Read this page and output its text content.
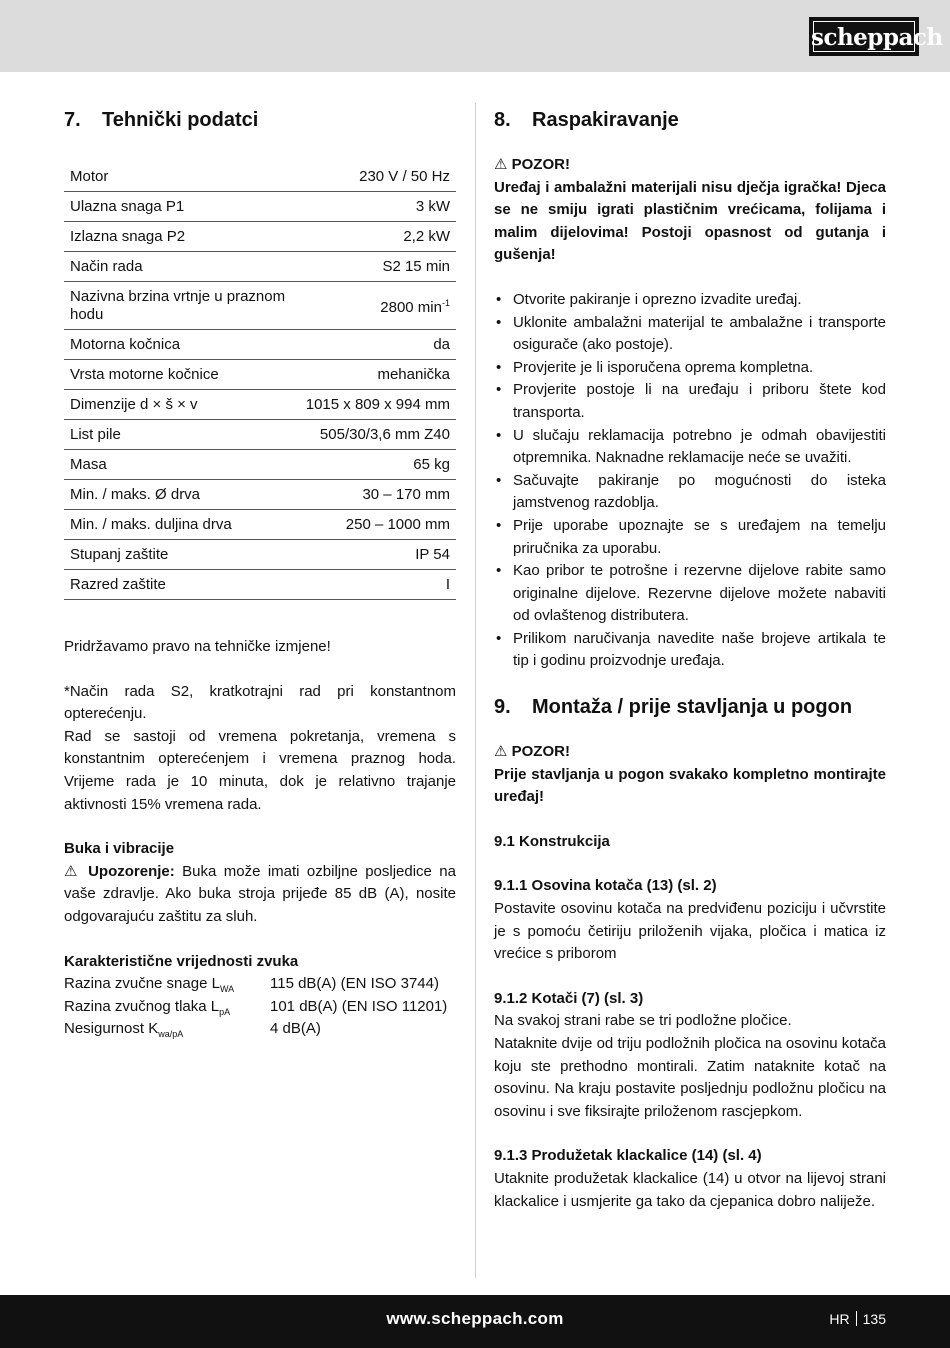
scheppach
7. Tehnički podatci
Motor	230 V / 50 Hz
Ulazna snaga P1	3 kW
Izlazna snaga P2	2,2 kW
Način rada	S2 15 min
Nazivna brzina vrtnje u praznom hodu	2800 $\min^{-1}$
Motorna kočnica	da
Vrsta motorne kočnice	mehanička
Dimenzije d × š × v	1015 x 809 x 994 mm
List pile	505/30/3,6 mm Z40
Masa	65 kg
Min. / maks. Ø drva	30 – 170 mm
Min. / maks. duljina drva	250 – 1000 mm
Stupanj zaštite	IP 54
Razred zaštite	I

Pridržavamo pravo na tehničke izmjene!

*Način rada S2, kratkotrajni rad pri konstantnom opterećenju.

Rad se sastoji od vremena pokretanja, vremena s konstantnim opterećenjem i vremena praznog hoda. Vrijeme rada je 10 minuta, dok je relativno trajanje aktivnosti 15% vremena rada.

Buka i vibracije

⚠ Upozorenje: Buka može imati ozbiljne posljedice na vaše zdravlje. Ako buka stroja prijeđe 85 dB (A), nosite odgovarajuću zaštitu za sluh.

Karakteristične vrijednosti zvuka

Razina zvučne snage $L_{WA}$	115 dB(A) (EN ISO 3744)
Razina zvučnog tlaka $L_{pA}$	101 dB(A) (EN ISO 11201)
Nesigurnost $K_{wa/pA}$	4 dB(A)
8. Raspakiravanje

⚠ POZOR!

Uređaj i ambalažni materijali nisu dječja igračka! Djeca se ne smiju igrati plastičnim vrećicama, folijama i malim dijelovima! Postoji opasnost od gutanja i gušenja!

• Otvorite pakiranje i oprezno izvadite uređaj.
• Uklonite ambalažni materijal te ambalažne i transporte osigurače (ako postoje).
• Provjerite je li isporučena oprema kompletna.
• Provjerite postoje li na uređaju i priboru štete kod transporta.
• U slučaju reklamacija potrebno je odmah obavijestiti otpremnika. Naknadne reklamacije neće se uvažiti.
• Sačuvajte pakiranje po mogućnosti do isteka jamstvenog razdoblja.
• Prije uporabe upoznajte se s uređajem na temelju priručnika za uporabu.
• Kao pribor te potrošne i rezervne dijelove rabite samo originalne dijelove. Rezervne dijelove možete nabaviti od ovlaštenog distributera.
• Prilikom naručivanja navedite naše brojeve artikala te tip i godinu proizvodnje uređaja.
9. Montaža / prije stavljanja u pogon

⚠ POZOR!

Prije stavljanja u pogon svakako kompletno montirajte uređaj!

9.1 Konstrukcija

9.1.1 Osovina kotača (13) (sl. 2)

Postavite osovinu kotača na predviđenu poziciju i učvrstite je s pomoću četiriju priloženih vijaka, pločica i matica iz vrećice s priborom

9.1.2 Kotači (7) (sl. 3)

Na svakoj strani rabe se tri podložne pločice.

Nataknite dvije od triju podložnih pločica na osovinu kotača koju ste prethodno montirali. Zatim nataknite kotač na osovinu. Na kraju postavite posljednju podložnu pločicu na osovinu i sve fiksirajte priloženom rascjepkom.

9.1.3 Produžetak klackalice (14) (sl. 4)

Utaknite produžetak klackalice (14) u otvor na lijevoj strani klackalice i usmjerite ga tako da cjepanica dobro naliježe.

www.scheppach.com	HR 135
